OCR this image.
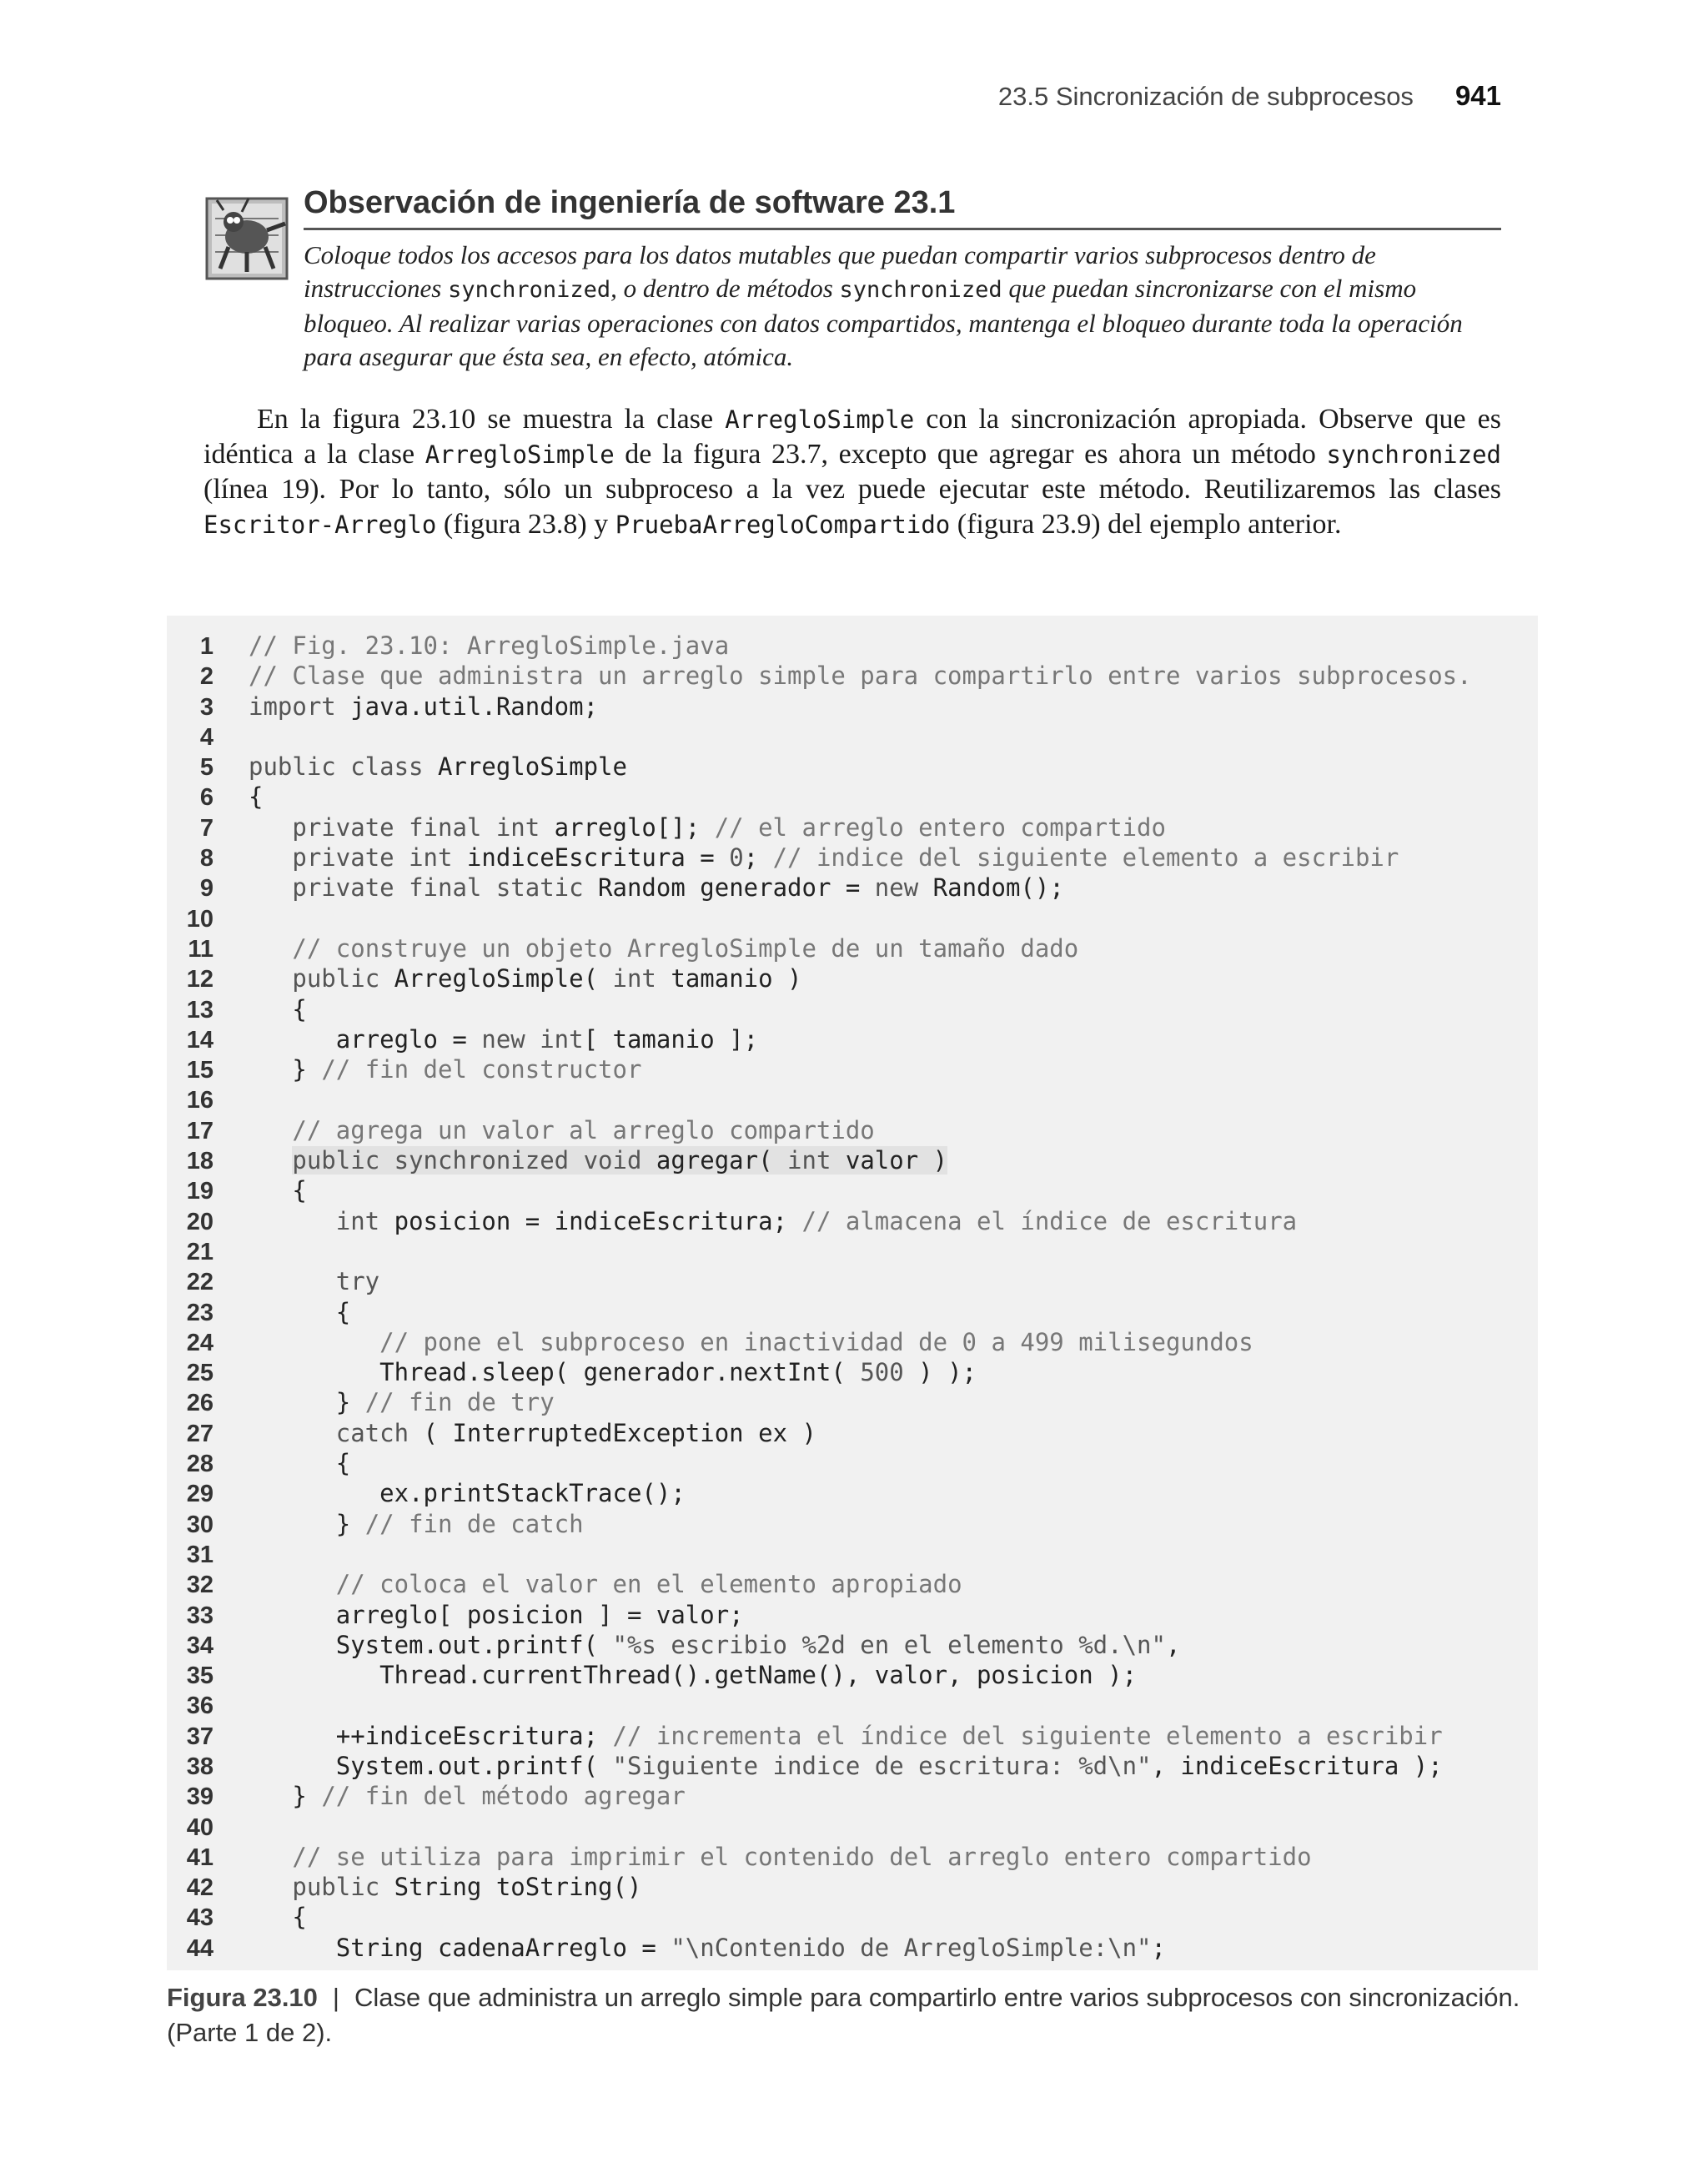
23.5 Sincronización de subprocesos 941
Observación de ingeniería de software 23.1
Coloque todos los accesos para los datos mutables que puedan compartir varios subprocesos dentro de instrucciones synchronized, o dentro de métodos synchronized que puedan sincronizarse con el mismo bloqueo. Al realizar varias operaciones con datos compartidos, mantenga el bloqueo durante toda la operación para asegurar que ésta sea, en efecto, atómica.
En la figura 23.10 se muestra la clase ArregloSimple con la sincronización apropiada. Observe que es idéntica a la clase ArregloSimple de la figura 23.7, excepto que agregar es ahora un método synchronized (línea 19). Por lo tanto, sólo un subproceso a la vez puede ejecutar este método. Reutilizaremos las clases Escritor-Arreglo (figura 23.8) y PruebaArregloCompartido (figura 23.9) del ejemplo anterior.
1 // Fig. 23.10: ArregloSimple.java
2 // Clase que administra un arreglo simple para compartirlo entre varios subprocesos.
3 import java.util.Random;
4
5 public class ArregloSimple
6 {
7	private final int arreglo[]; // el arreglo entero compartido
8	private int indiceEscritura = 0; // indice del siguiente elemento a escribir
9	private final static Random generador = new Random();
10
11	// construye un objeto ArregloSimple de un tamaño dado
12	public ArregloSimple( int tamanio )
13   {
14      arreglo = new int[ tamanio ];
15   } // fin del constructor
16
17	// agrega un valor al arreglo compartido
18	public synchronized void agregar( int valor )
19   {
20	int posicion = indiceEscritura; // almacena el índice de escritura
21
22	try
23      {
24	// pone el subproceso en inactividad de 0 a 499 milisegundos
25         Thread.sleep( generador.nextInt( 500 ) );
26      } // fin de try
27	catch ( InterruptedException ex )
28      {
29         ex.printStackTrace();
30      } // fin de catch
31
32	// coloca el valor en el elemento apropiado
33      arreglo[ posicion ] = valor;
34      System.out.printf( "%s escribio %2d en el elemento %d.\n",
35         Thread.currentThread().getName(), valor, posicion );
36
37      ++indiceEscritura; // incrementa el índice del siguiente elemento a escribir
38      System.out.printf( "Siguiente indice de escritura: %d\n", indiceEscritura );
39   } // fin del método agregar
40
41	// se utiliza para imprimir el contenido del arreglo entero compartido
42	public String toString()
43   {
44      String cadenaArreglo = "\nContenido de ArregloSimple:\n";
Figura 23.10 | Clase que administra un arreglo simple para compartirlo entre varios subprocesos con sincronización. (Parte 1 de 2).
